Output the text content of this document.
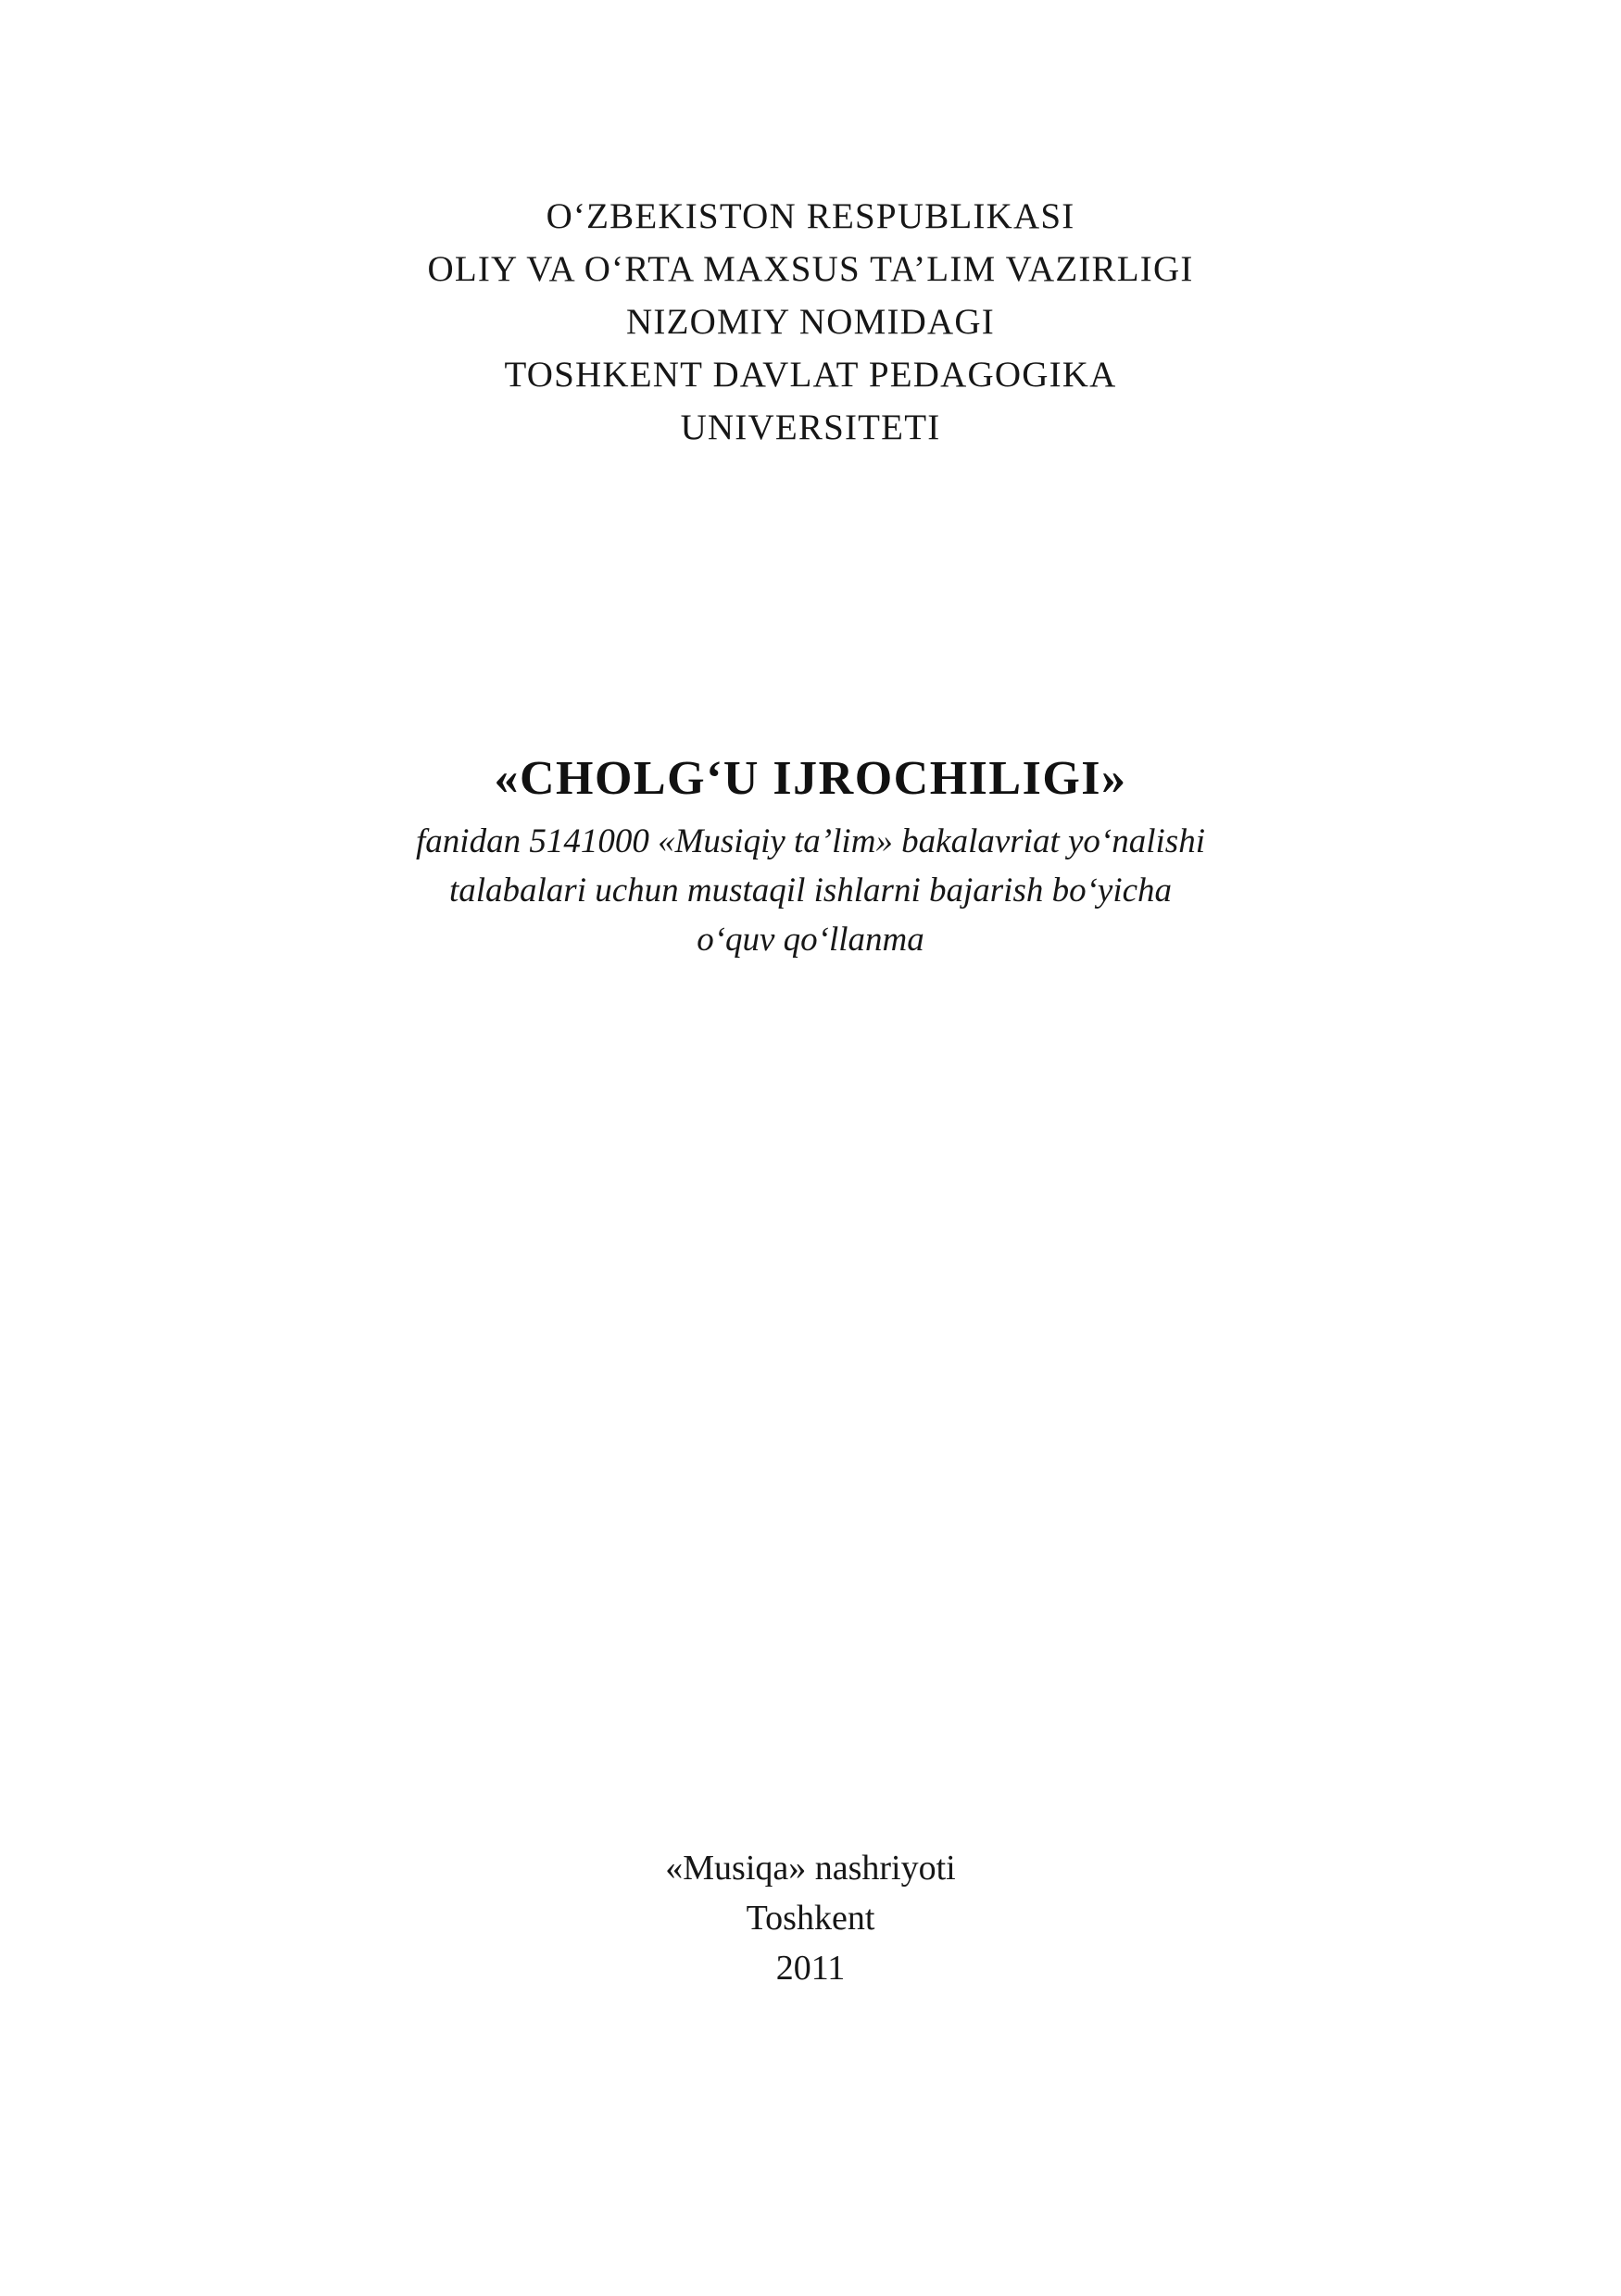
O‘ZBEKISTON RESPUBLIKASI
OLIY VA O‘RTA MAXSUS TA’LIM VAZIRLIGI
NIZOMIY NOMIDAGI
TOSHKENT DAVLAT PEDAGOGIKA
UNIVERSITETI
«CHOLG‘U IJROCHILIGI»
fanidan 5141000 «Musiqiy ta’lim» bakalavriat yo‘nalishi
talabalari uchun mustaqil ishlarni bajarish bo‘yicha
o‘quv qo‘llanma
«Musiqa» nashriyoti
Toshkent
2011
